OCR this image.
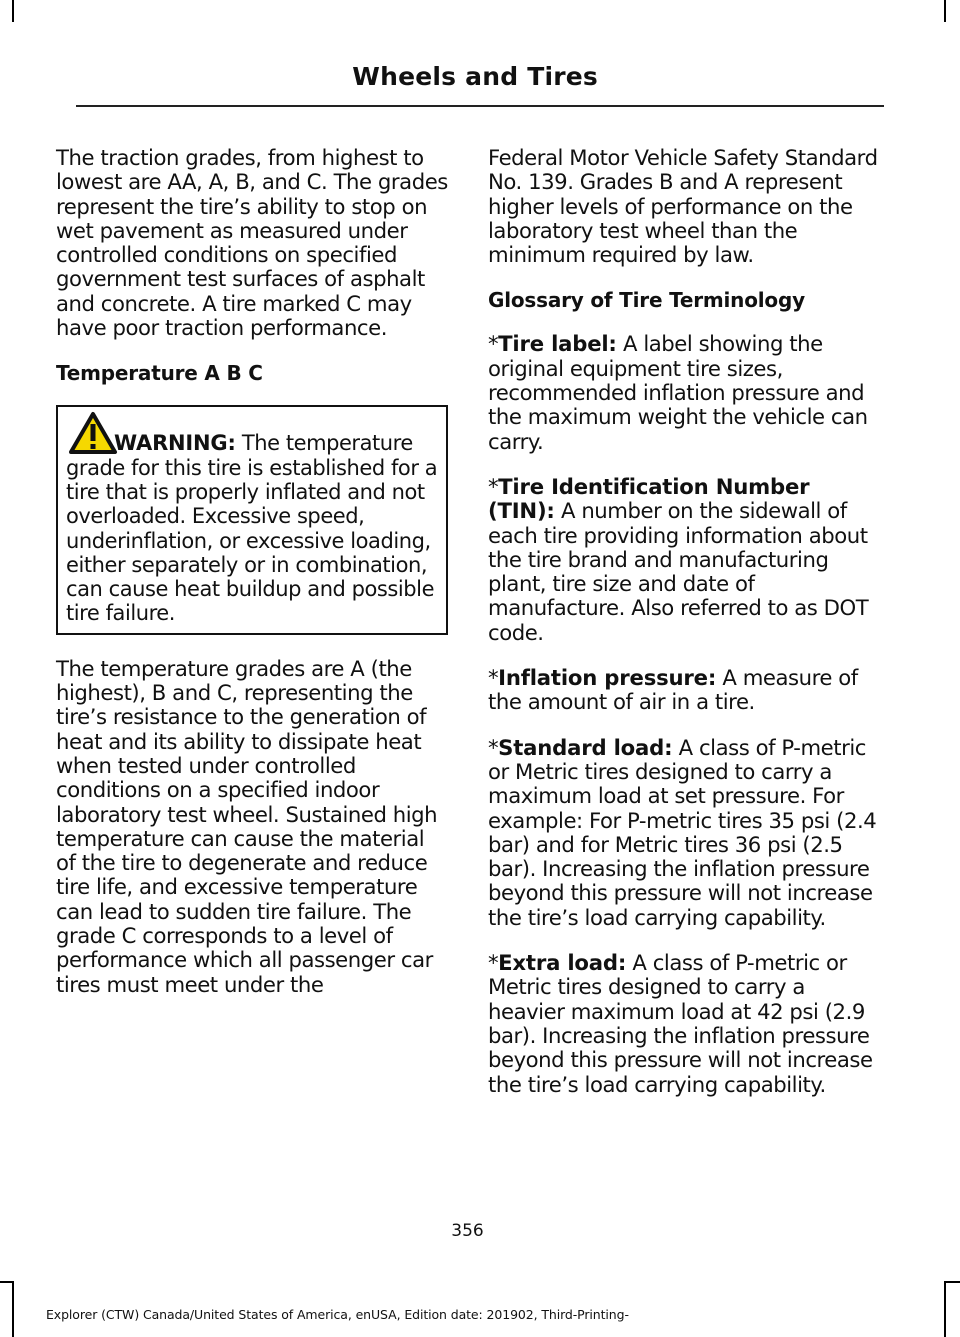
Wheels and Tires

The traction grades, from highest to lowest are AA, A, B, and C. The grades represent the tire’s ability to stop on wet pavement as measured under controlled conditions on specified government test surfaces of asphalt and concrete. A tire marked C may have poor traction performance.

Temperature A B C
WARNING: The temperature grade for this tire is established for a tire that is properly inflated and not overloaded. Excessive speed, underinflation, or excessive loading, either separately or in combination, can cause heat buildup and possible tire failure.

The temperature grades are A (the highest), B and C, representing the tire’s resistance to the generation of heat and its ability to dissipate heat when tested under controlled conditions on a specified indoor laboratory test wheel. Sustained high temperature can cause the material of the tire to degenerate and reduce tire life, and excessive temperature can lead to sudden tire failure. The grade C corresponds to a level of performance which all passenger car tires must meet under the

Federal Motor Vehicle Safety Standard No. 139. Grades B and A represent higher levels of performance on the laboratory test wheel than the minimum required by law.

Glossary of Tire Terminology

*Tire label: A label showing the original equipment tire sizes, recommended inflation pressure and the maximum weight the vehicle can carry.

*Tire Identification Number (TIN): A number on the sidewall of each tire providing information about the tire brand and manufacturing plant, tire size and date of manufacture. Also referred to as DOT code.

*Inflation pressure: A measure of the amount of air in a tire.

*Standard load: A class of P-metric or Metric tires designed to carry a maximum load at set pressure. For example: For P-metric tires 35 psi (2.4 bar) and for Metric tires 36 psi (2.5 bar). Increasing the inflation pressure beyond this pressure will not increase the tire’s load carrying capability.

*Extra load: A class of P-metric or Metric tires designed to carry a heavier maximum load at 42 psi (2.9 bar). Increasing the inflation pressure beyond this pressure will not increase the tire’s load carrying capability.

356
Explorer (CTW) Canada/United States of America, enUSA, Edition date: 201902, Third-Printing-
